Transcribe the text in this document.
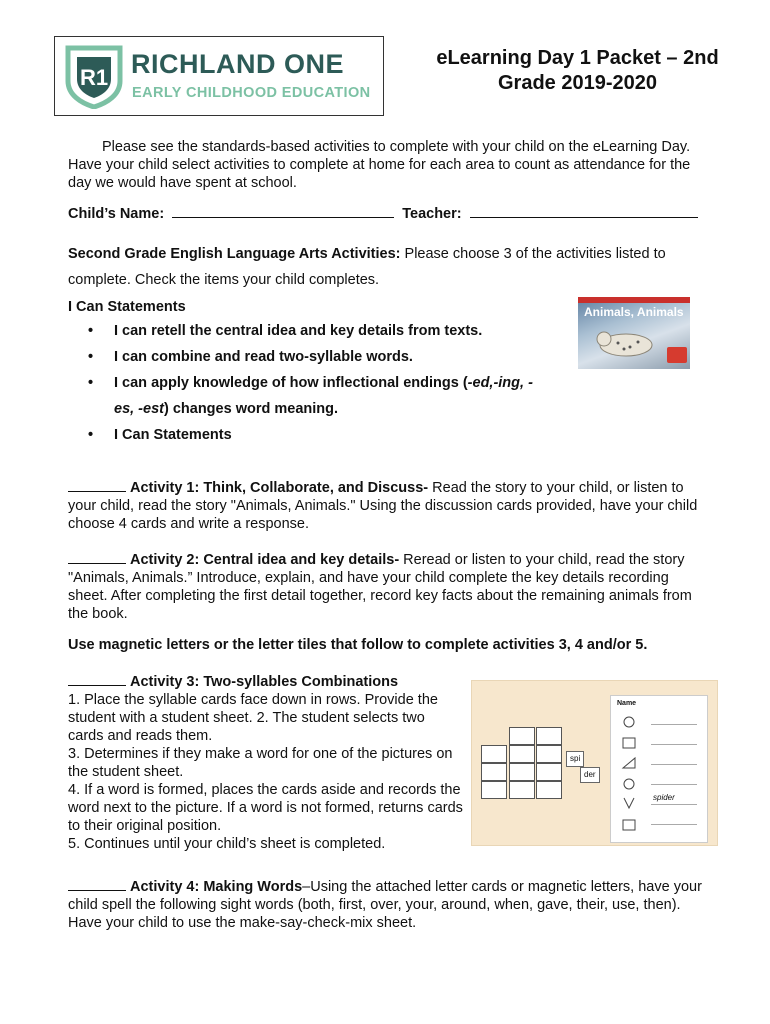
R1 RICHLAND ONE
EARLY CHILDHOOD EDUCATION
eLearning Day 1 Packet – 2nd
Grade 2019-2020
Please see the standards-based activities to complete with your child on the eLearning Day. Have your child select activities to complete at home for each area to count as attendance for the day we would have spent at school.
Child’s Name:	Teacher:
Second Grade English Language Arts Activities: Please choose 3 of the activities listed to complete. Check the items your child completes.
I Can Statements
• I can retell the central idea and key details from texts.
• I can combine and read two-syllable words.
• I can apply knowledge of how inflectional endings (-ed,-ing, -es, -est) changes word meaning.
• I Can Statements
Animals, Animals
Activity 1: Think, Collaborate, and Discuss- Read the story to your child, or listen to your child, read the story "Animals, Animals." Using the discussion cards provided, have your child choose 4 cards and write a response.
Activity 2: Central idea and key details- Reread or listen to your child, read the story "Animals, Animals.” Introduce, explain, and have your child complete the key details recording sheet. After completing the first detail together, record key facts about the remaining animals from the book.
Use magnetic letters or the letter tiles that follow to complete activities 3, 4 and/or 5.
Activity 3: Two-syllables Combinations
1. Place the syllable cards face down in rows. Provide the student with a student sheet. 2. The student selects two cards and reads them.
3. Determines if they make a word for one of the pictures on the student sheet.
4. If a word is formed, places the cards aside and records the word next to the picture. If a word is not formed, returns cards to their original position.
5. Continues until your child’s sheet is completed.
spi
der
Name
spider
Activity 4: Making Words–Using the attached letter cards or magnetic letters, have your child spell the following sight words (both, first, over, your, around, when, gave, their, use, then). Have your child to use the make-say-check-mix sheet.
